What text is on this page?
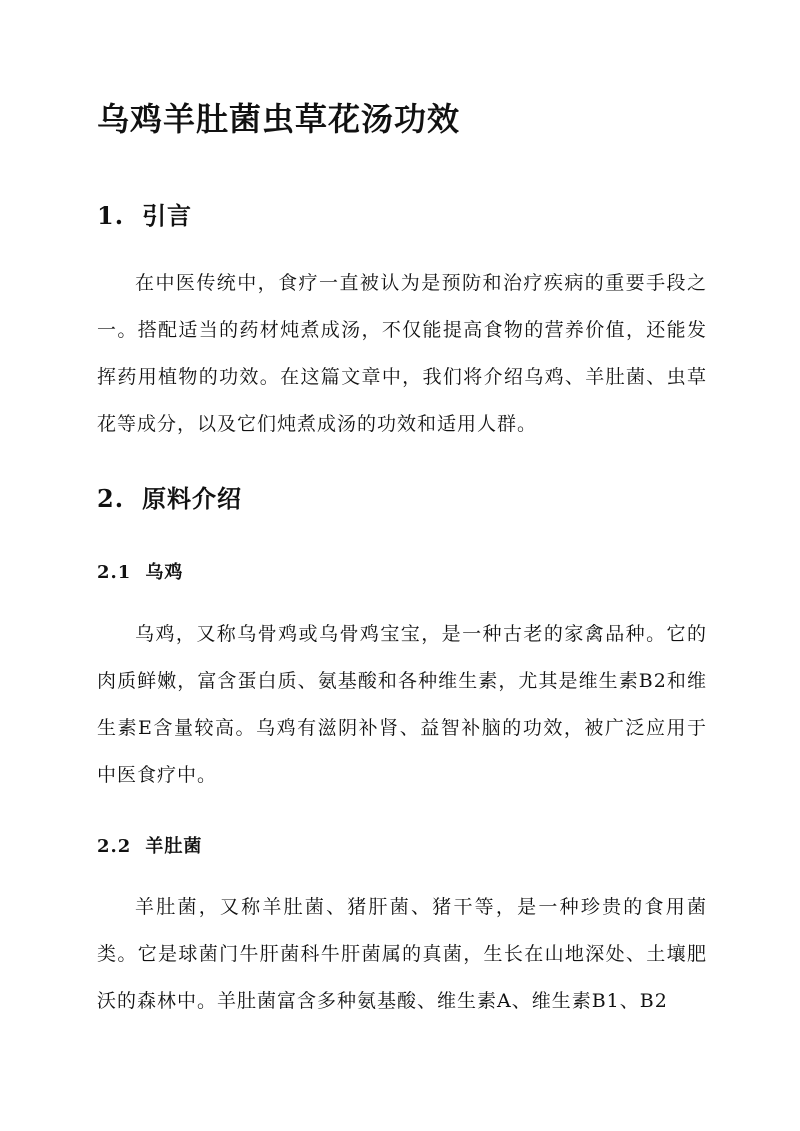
乌鸡羊肚菌虫草花汤功效
1. 引言

在中医传统中，食疗一直被认为是预防和治疗疾病的重要手段之一。搭配适当的药材炖煮成汤，不仅能提高食物的营养价值，还能发挥药用植物的功效。在这篇文章中，我们将介绍乌鸡、羊肚菌、虫草花等成分，以及它们炖煮成汤的功效和适用人群。

2. 原料介绍
2.1 乌鸡

乌鸡，又称乌骨鸡或乌骨鸡宝宝，是一种古老的家禽品种。它的肉质鲜嫩，富含蛋白质、氨基酸和各种维生素，尤其是维生素B2和维生素E含量较高。乌鸡有滋阴补肾、益智补脑的功效，被广泛应用于中医食疗中。

2.2 羊肚菌

羊肚菌，又称羊肚菌、猪肝菌、猪干等，是一种珍贵的食用菌类。它是球菌门牛肝菌科牛肝菌属的真菌，生长在山地深处、土壤肥沃的森林中。羊肚菌富含多种氨基酸、维生素A、维生素B1、B2
